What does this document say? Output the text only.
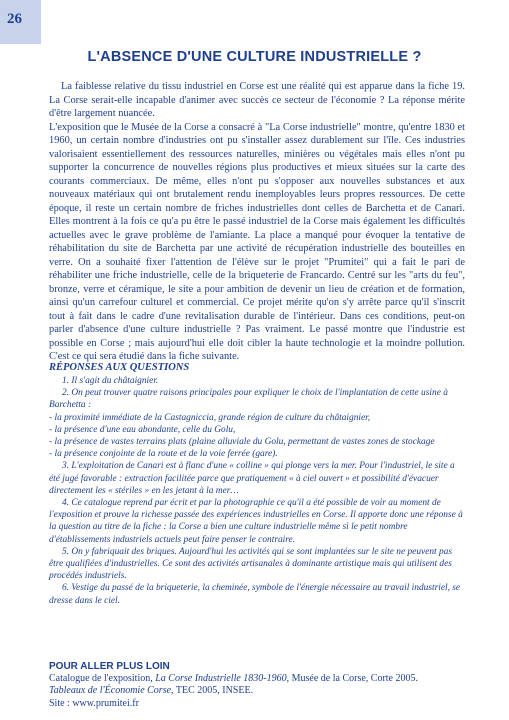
26
L'ABSENCE D'UNE CULTURE INDUSTRIELLE ?

La faiblesse relative du tissu industriel en Corse est une réalité qui est apparue dans la fiche 19. La Corse serait-elle incapable d'animer avec succès ce secteur de l'économie ? La réponse mérite d'être largement nuancée.

L'exposition que le Musée de la Corse a consacré à "La Corse industrielle" montre, qu'entre 1830 et 1960, un certain nombre d'industries ont pu s'installer assez durablement sur l'île. Ces industries valorisaient essentiellement des ressources naturelles, minières ou végétales mais elles n'ont pu supporter la concurrence de nouvelles régions plus productives et mieux situées sur la carte des courants commerciaux. De même, elles n'ont pu s'opposer aux nouvelles substances et aux nouveaux matériaux qui ont brutalement rendu inemployables leurs propres ressources. De cette époque, il reste un certain nombre de friches industrielles dont celles de Barchetta et de Canari. Elles montrent à la fois ce qu'a pu être le passé industriel de la Corse mais également les difficultés actuelles avec le grave problème de l'amiante. La place a manqué pour évoquer la tentative de réhabilitation du site de Barchetta par une activité de récupération industrielle des bouteilles en verre. On a souhaité fixer l'attention de l'élève sur le projet "Prumitei" qui a fait le pari de réhabiliter une friche industrielle, celle de la briqueterie de Francardo. Centré sur les "arts du feu", bronze, verre et céramique, le site a pour ambition de devenir un lieu de création et de formation, ainsi qu'un carrefour culturel et commercial. Ce projet mérite qu'on s'y arrête parce qu'il s'inscrit tout à fait dans le cadre d'une revitalisation durable de l'intérieur. Dans ces conditions, peut-on parler d'absence d'une culture industrielle ? Pas vraiment. Le passé montre que l'industrie est possible en Corse ; mais aujourd'hui elle doit cibler la haute technologie et la moindre pollution. C'est ce qui sera étudié dans la fiche suivante.

RÉPONSES AUX QUESTIONS

1. Il s'agit du châtaignier.

2. On peut trouver quatre raisons principales pour expliquer le choix de l'implantation de cette usine à Barchetta :

- la proximité immédiate de la Castagniccia, grande région de culture du châtaignier,

- la présence d'une eau abondante, celle du Golu,

- la présence de vastes terrains plats (plaine alluviale du Golu, permettant de vastes zones de stockage

- la présence conjointe de la route et de la voie ferrée (gare).

3. L'exploitation de Canari est à flanc d'une « colline » qui plonge vers la mer. Pour l'industriel, le site a été jugé favorable : extraction facilitée parce que pratiquement « à ciel ouvert » et possibilité d'évacuer directement les « stériles » en les jetant à la mer…

4. Ce catalogue reprend par écrit et par la photographie ce qu'il a été possible de voir au moment de l'exposition et prouve la richesse passée des expériences industrielles en Corse. Il apporte donc une réponse à la question au titre de la fiche : la Corse a bien une culture industrielle même si le petit nombre d'établissements industriels actuels peut faire penser le contraire.

5. On y fabriquait des briques. Aujourd'hui les activités qui se sont implantées sur le site ne peuvent pas être qualifiées d'industrielles. Ce sont des activités artisanales à dominante artistique mais qui utilisent des procédés industriels.

6. Vestige du passé de la briqueterie, la cheminée, symbole de l'énergie nécessaire au travail industriel, se dresse dans le ciel.

POUR ALLER PLUS LOIN

Catalogue de l'exposition, La Corse Industrielle 1830-1960, Musée de la Corse, Corte 2005.

Tableaux de l'Économie Corse, TEC 2005, INSEE.

Site : www.prumitei.fr
